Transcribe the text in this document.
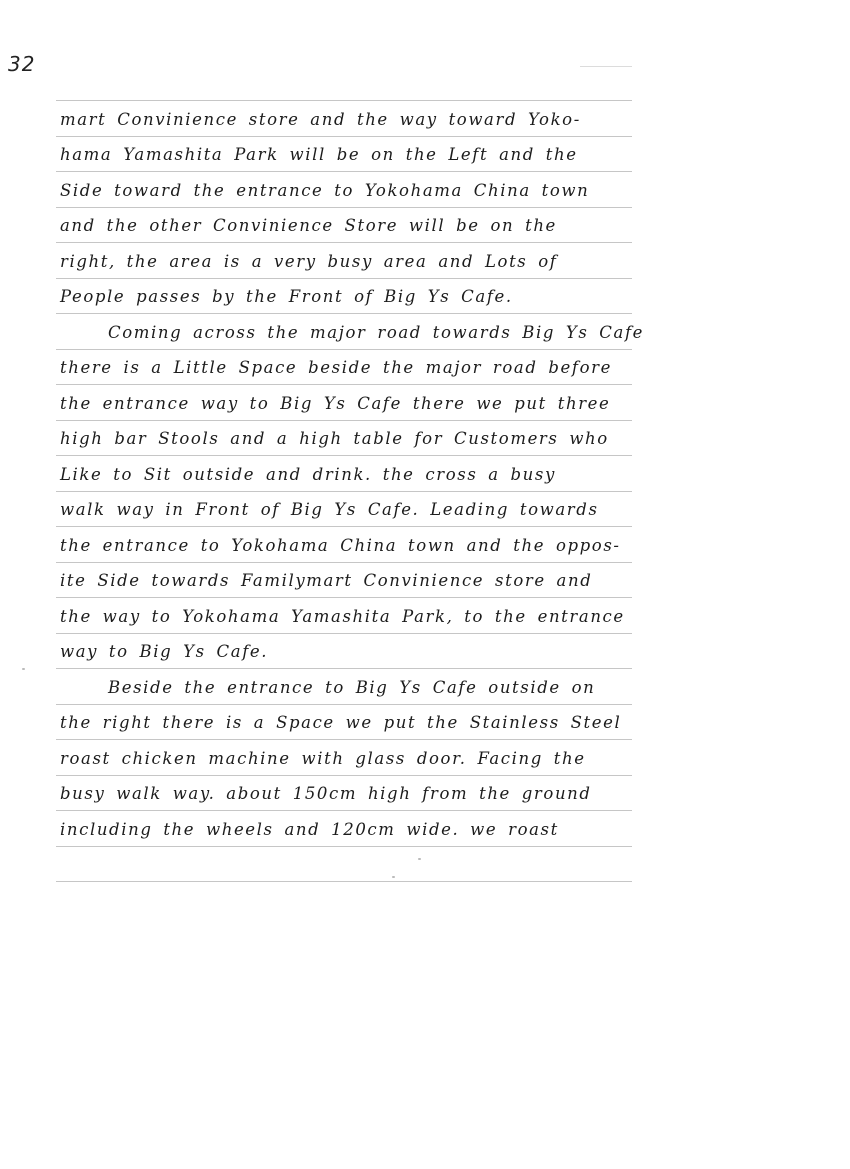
32
mart Convinience store and the way toward Yoko-
hama Yamashita Park will be on the Left and the
Side toward the entrance to Yokohama China town
and the other Convinience Store will be on the
right, the area is a very busy area and Lots of
People passes by the Front of Big Ys Cafe.
Coming across the major road towards Big Ys Cafe
there is a Little Space beside the major road before
the entrance way to Big Ys Cafe there we put three
high bar Stools and a high table for Customers who
Like to Sit outside and drink. the cross a busy
walk way in Front of Big Ys Cafe. Leading towards
the entrance to Yokohama China town and the oppos-
ite Side towards Familymart Convinience store and
the way to Yokohama Yamashita Park, to the entrance
way to Big Ys Cafe.
Beside the entrance to Big Ys Cafe outside on
the right there is a Space we put the Stainless Steel
roast chicken machine with glass door. Facing the
busy walk way. about 150cm high from the ground
including the wheels and 120cm wide. we roast
